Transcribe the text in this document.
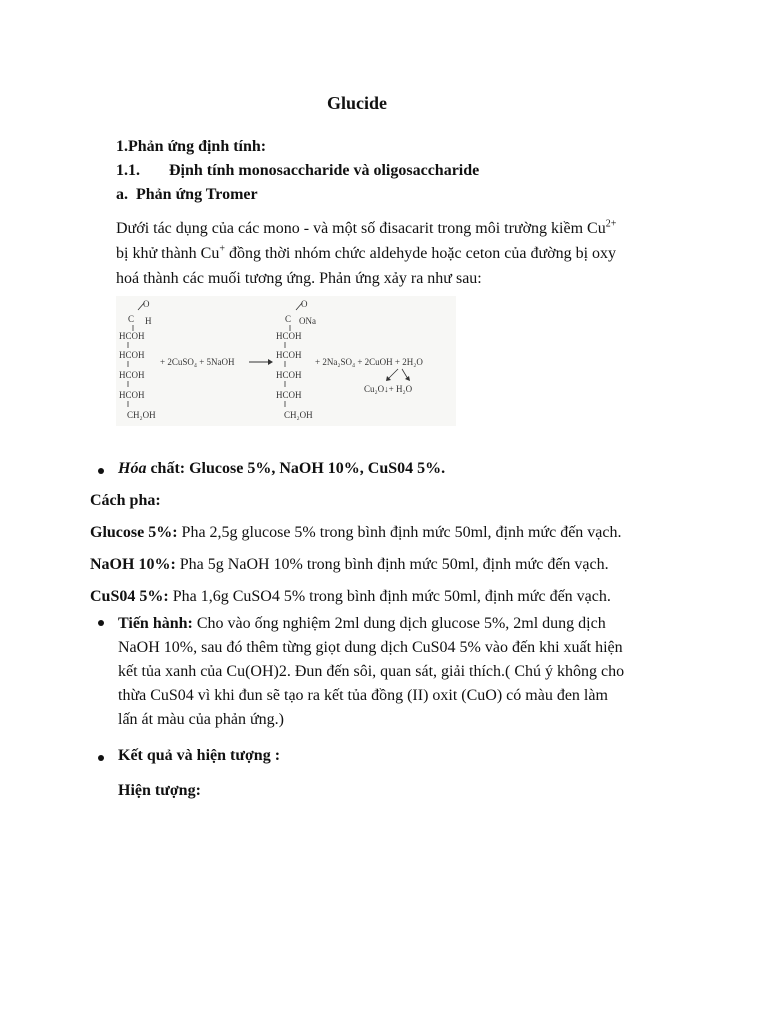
Glucide
1.Phản ứng định tính:
1.1. Định tính monosaccharide và oligosaccharide
a. Phản ứng Tromer
Dưới tác dụng của các mono - và một số đisacarit trong môi trường kiềm $Cu^{2+}$
bị khử thành Cu+ đồng thời nhóm chức aldehyde hoặc ceton của đường bị oxy
hoá thành các muối tương ứng. Phản ứng xảy ra như sau:
O
C H
HCOH
HCOH
HCOH
HCOH
CH₂OH
+ 2CuSO₄ + 5NaOH
O
C ONa
HCOH
HCOH
HCOH
HCOH
CH₂OH
+ 2Na₂SO₄ + 2CuOH + 2H₂O
Cu₂O↓+ H₂O
Hóa chất: Glucose 5%, NaOH 10%, CuS04 5%.
Cách pha:
Glucose 5%: Pha 2,5g glucose 5% trong bình định mức 50ml, định mức đến vạch.
NaOH 10%: Pha 5g NaOH 10% trong bình định mức 50ml, định mức đến vạch.
CuS04 5%: Pha 1,6g CuSO4 5% trong bình định mức 50ml, định mức đến vạch.
Tiến hành: Cho vào ống nghiệm 2ml dung dịch glucose 5%, 2ml dung dịch
NaOH 10%, sau đó thêm từng giọt dung dịch CuS04 5% vào đến khi xuất hiện
kết tủa xanh của Cu(OH)2. Đun đến sôi, quan sát, giải thích.( Chú ý không cho
thừa CuS04 vì khi đun sẽ tạo ra kết tủa đồng (II) oxit (CuO) có màu đen làm
lấn át màu của phản ứng.)
Kết quả và hiện tượng :
Hiện tượng:
